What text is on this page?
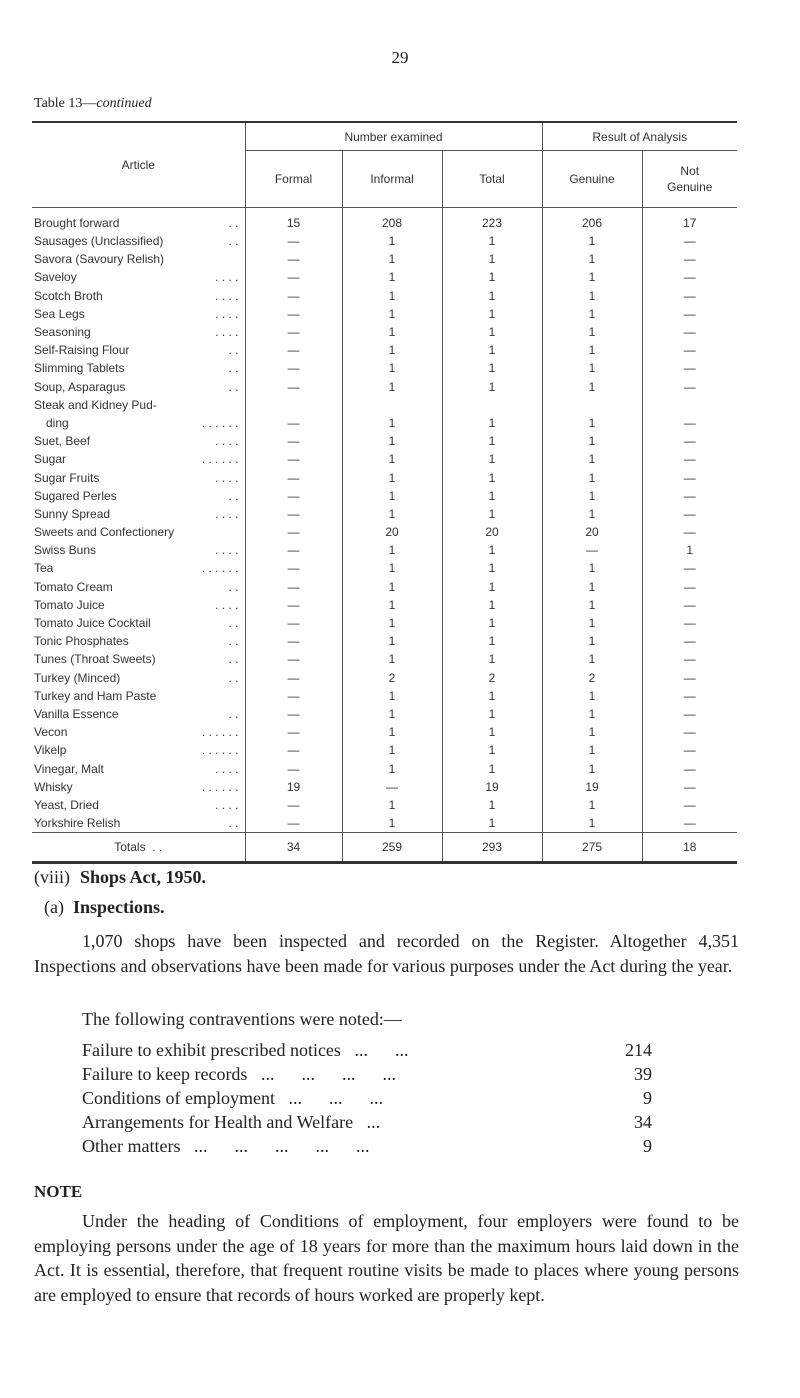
29
Table 13—continued

Article	Number examined			Result of Analysis	
	Formal	Informal	Total	Genuine	Not
Genuine
Brought forward . .	15	208	223	206	17
Sausages (Unclassified) . .	—	1	1	1	—
Savora (Savoury Relish)	—	1	1	1	—
Saveloy . . . .	—	1	1	1	—
Scotch Broth . . . .	—	1	1	1	—
Sea Legs . . . .	—	1	1	1	—
Seasoning . . . .	—	1	1	1	—
Self-Raising Flour . .	—	1	1	1	—
Slimming Tablets . .	—	1	1	1	—
Soup, Asparagus . .	—	1	1	1	—
Steak and Kidney Pud-					
ding . . . . . .	—	1	1	1	—
Suet, Beef . . . .	—	1	1	1	—
Sugar . . . . . .	—	1	1	1	—
Sugar Fruits . . . .	—	1	1	1	—
Sugared Perles . .	—	1	1	1	—
Sunny Spread . . . .	—	1	1	1	—
Sweets and Confectionery	—	20	20	20	—
Swiss Buns . . . .	—	1	1	—	1
Tea . . . . . .	—	1	1	1	—
Tomato Cream . .	—	1	1	1	—
Tomato Juice . . . .	—	1	1	1	—
Tomato Juice Cocktail . .	—	1	1	1	—
Tonic Phosphates . .	—	1	1	1	—
Tunes (Throat Sweets) . .	—	1	1	1	—
Turkey (Minced) . .	—	2	2	2	—
Turkey and Ham Paste	—	1	1	1	—
Vanilla Essence . .	—	1	1	1	—
Vecon . . . . . .	—	1	1	1	—
Vikelp . . . . . .	—	1	1	1	—
Vinegar, Malt . . . .	—	1	1	1	—
Whisky . . . . . .	19	—	19	19	—
Yeast, Dried . . . .	—	1	1	1	—
Yorkshire Relish . .	—	1	1	1	—
Totals . .	34	259	293	275	18
(viii) Shops Act, 1950.
(a) Inspections.
1,070 shops have been inspected and recorded on the Register. Altogether 4,351 Inspections and observations have been made for various purposes under the Act during the year.
The following contraventions were noted:—
Failure to exhibit prescribed notices ...      ...	214
Failure to keep records ...      ...      ...      ...	39
Conditions of employment ...      ...      ...	9
Arrangements for Health and Welfare ...	34
Other matters ...      ...      ...      ...      ...	9
NOTE
Under the heading of Conditions of employment, four employers were found to be employing persons under the age of 18 years for more than the maximum hours laid down in the Act. It is essential, therefore, that frequent routine visits be made to places where young persons are employed to ensure that records of hours worked are properly kept.
